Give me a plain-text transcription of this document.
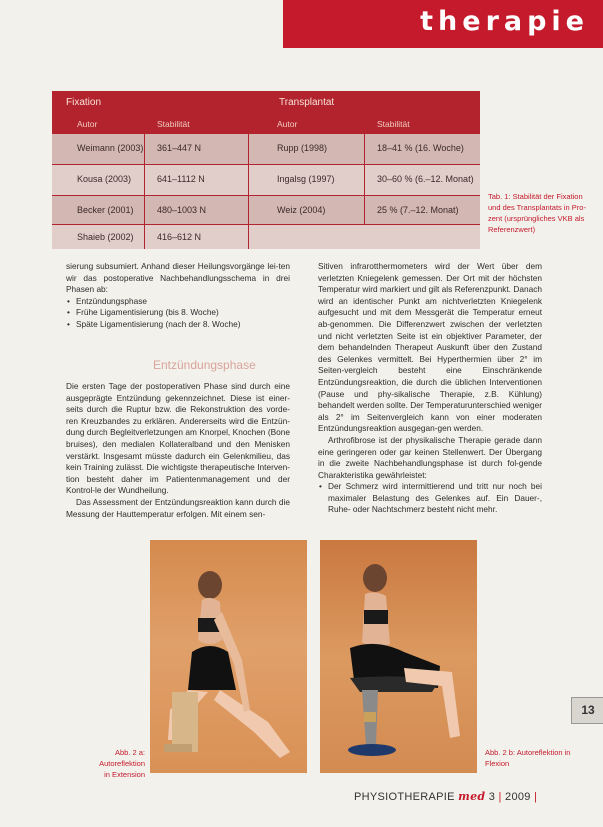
therapie
Fixation	Transplantat
Autor	Stabilität	Autor	Stabilität
Weimann (2003) 361–447 N	Rupp (1998)	18–41 % (16. Woche)
Kousa (2003)	641–1112 N	Ingalsg (1997)	30–60 % (6.–12. Monat)
Becker (2001)	480–1003 N	Weiz (2004)	25 % (7.–12. Monat)
Shaieb (2002)	416–612 N
Tab. 1: Stabilität der Fixation
und des Transplantats in Pro-
zent (ursprüngliches VKB als
Referenzwert)

sierung subsumiert. Anhand dieser Heilungsvorgänge lei-ten wir das postoperative Nachbehandlungsschema in drei Phasen ab:

• Entzündungsphase
• Frühe Ligamentisierung (bis 8. Woche)
• Späte Ligamentisierung (nach der 8. Woche)
Entzündungsphase

Die ersten Tage der postoperativen Phase sind durch eine ausgeprägte Entzündung gekennzeichnet. Diese ist einer-seits durch die Ruptur bzw. die Rekonstruktion des vorde-ren Kreuzbandes zu erklären. Andererseits wird die Entzün-dung durch Begleitverletzungen am Knorpel, Knochen (Bone bruises), den medialen Kollateralband und den Menisken verstärkt. Insgesamt müsste dadurch ein Gelenkmilieu, das kein Training zulässt. Die wichtigste therapeutische Interven-tion besteht daher im Patientenmanagement und der Kontrol-le der Wundheilung.

Das Assessment der Entzündungsreaktion kann durch die Messung der Hauttemperatur erfolgen. Mit einem sen-

Sitiven infrarotthermometers wird der Wert über dem verletzten Kniegelenk gemessen. Der Ort mit der höchsten Temperatur wird markiert und gilt als Referenzpunkt. Danach wird an identischer Punkt am nichtverletzten Kniegelenk aufgesucht und mit dem Messgerät die Temperatur erneut ab-genommen. Die Differenzwert zwischen der verletzten und nicht verletzten Seite ist ein objektiver Parameter, der dem behandelnden Therapeut Auskunft über den Zustand des Gelenkes vermittelt. Bei Hyperthermien über 2° im Seiten-vergleich besteht eine Einschränkende Entzündungsreaktion, die durch die üblichen Interventionen (Pause und phy-sikalische Therapie, z.B. Kühlung) behandelt werden sollte. Der Temperaturunterschied weniger als 2° im Seitenvergleich kann von einer moderaten Entzündungsreaktion ausgegan-gen werden.

Arthrofibrose ist der physikalische Therapie gerade dann eine geringeren oder gar keinen Stellenwert. Der Übergang in die zweite Nachbehandlungsphase ist durch fol-gende Charakteristika gewährleistet:

• Der Schmerz wird intermittierend und tritt nur noch bei maximaler Belastung des Gelenkes auf. Ein Dauer-, Ruhe- oder Nachtschmerz besteht nicht mehr.
Abb. 2 a: Autoreflektion
in Extension
Abb. 2 b: Autoreflektion in
Flexion
13
PHYSIOTHERAPIE med 3 | 2009 |
